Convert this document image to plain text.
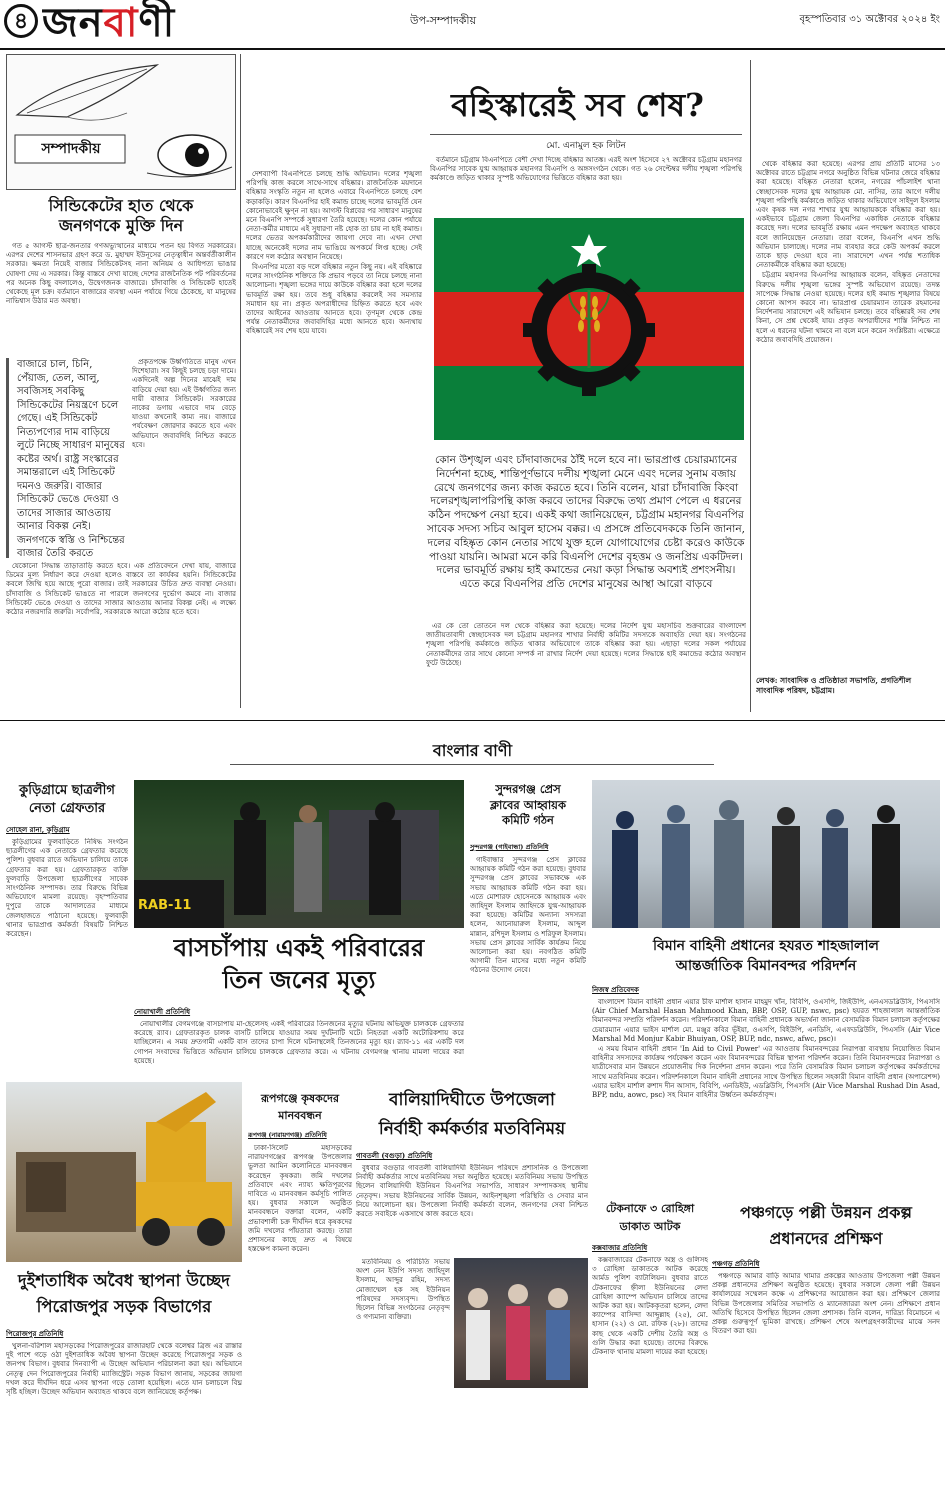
৪ জনবাণী	উপ-সম্পাদকীয়	বৃহস্পতিবার ৩১ অক্টোবর ২০২৪ ইং
সম্পাদকীয়
সিন্ডিকেটের হাত থেকে
জনগণকে মুক্তি দিন

গত ৫ আগস্ট ছাত্র-জনতার গণঅভ্যুত্থানের মাধ্যমে পতন হয় বিগত সরকারের। এরপর দেশের শাসনভার গ্রহণ করে ড. মুহাম্মদ ইউনূসের নেতৃত্বাধীন অন্তর্বর্তীকালীন সরকার। ক্ষমতা নিয়েই বাজার সিন্ডিকেটসহ নানা অনিয়ম ও আধিপত্য ভাঙার ঘোষণা দেয় এ সরকার। কিন্তু বাস্তবে দেখা যাচ্ছে দেশের রাজনৈতিক পট পরিবর্তনের পর অনেক কিছু বদলালেও, উদ্বেগজনক বাজারে। চাঁদাবাজি ও সিন্ডিকেট হাতেই থেকেছে মূল চক্র। বর্তমানে বাজারের ব্যবস্থা এমন পর্যায়ে গিয়ে ঠেকেছে, যা মানুষের নাভিশ্বাস উঠার মত অবস্থা।

বাজারে চাল, চিনি, পেঁয়াজ, তেল, আলু, সবজিসহ সবকিছু সিন্ডিকেটের নিয়ন্ত্রণে চলে গেছে। এই সিন্ডিকেট নিত্যপণ্যের দাম বাড়িয়ে লুটে নিচ্ছে সাধারণ মানুষের কষ্টের অর্থ। রাষ্ট্র সংস্কারের সমান্তরালে এই সিন্ডিকেট দমনও জরুরি। বাজার সিন্ডিকেট ভেঙে দেওয়া ও তাদের সাজার আওতায় আনার বিকল্প নেই। জনগণকে স্বস্তি ও নিশ্চিন্তের বাজার তৈরি করতে

প্রকৃতপক্ষে উর্ধ্বগতিতে মানুষ এখন দিশেহারা। সব কিছুই চলছে চড়া দামে। একদিনেই অল্প দিনের মাঝেই দাম বাড়িয়ে দেয়া হয়। এই উর্ধ্বগতির জন্য দায়ী বাজার সিন্ডিকেট। সরকারের নাকের ডগায় এভাবে দাম বেড়ে যাওয়া কখনোই কাম্য নয়। বাজারে পর্যবেক্ষণ জোরদার করতে হবে এবং অভিযানে জবাবদিহি নিশ্চিত করতে হবে।

যেকোনো সিদ্ধান্ত তাড়াতাড়ি করতে হবে। এক প্রতিবেদনে দেখা যায়, বাজারে ডিমের মূল্য নির্ধারণ করে দেওয়া হলেও বাস্তবে তা কার্যকর হয়নি। সিন্ডিকেটের কবলে জিম্মি হয়ে আছে পুরো বাজার। তাই সরকারের উচিত দ্রুত ব্যবস্থা নেওয়া। চাঁদাবাজি ও সিন্ডিকেট ভাঙতে না পারলে জনগণের দুর্ভোগ কমবে না। বাজার সিন্ডিকেট ভেঙে দেওয়া ও তাদের সাজার আওতায় আনার বিকল্প নেই। এ লক্ষ্যে কঠোর নজরদারি জরুরি। সর্বোপরি, সরকারকে আরো কঠোর হতে হবে।

বহিস্কারেই সব শেষ?
মো. এনামুল হক লিটন

বর্তমানে চট্টগ্রাম বিএনপিতে বেশী দেখা দিচ্ছে বহিষ্কার আতঙ্ক। এরই অংশ হিসেবে ২৭ অক্টোবর চট্টগ্রাম মহানগর বিএনপির সাবেক যুগ্ম আহ্বায়ক মহানগর বিএনপি ও অঙ্গসংগঠন থেকে। গত ২৬ সেপ্টেম্বর দলীয় শৃঙ্খলা পরিপন্থি কর্মকাণ্ডে জড়িত থাকার সুস্পষ্ট অভিযোগের ভিত্তিতে বহিষ্কার করা হয়।

দেশব্যাপী বিএনপিতে চলছে শুদ্ধি অভিযান। দলের শৃঙ্খলা পরিপন্থি কাজ করলে সাথে-সাথে বহিষ্কার। রাজনৈতিক ময়দানে বহিষ্কার সংস্কৃতি নতুন না হলেও এবারে বিএনপিতে চলছে বেশ কড়াকড়ি। কারণ বিএনপির হাই কমান্ড চাচ্ছে দলের ভাবমূর্তি যেন কোনোভাবেই ক্ষুণ্ন না হয়। আগস্ট বিপ্লবের পর সাধারণ মানুষের মনে বিএনপি সম্পর্কে সুধারণা তৈরি হয়েছে। দলের কোন পর্যায়ে নেতা-কর্মীর মাধ্যমে এই সুধারণা নষ্ট হোক তা চায় না হাই কমান্ড। দলের ভেতর অপকর্মকারীদের জায়গা দেবে না। এখন দেখা যাচ্ছে অনেকেই দলের নাম ভাঙিয়ে অপকর্মে লিপ্ত হচ্ছে। সেই কারণে দল কঠোর অবস্থান নিয়েছে।

বিএনপির মতো বড় দলে বহিষ্কার নতুন কিছু নয়। এই বহিষ্কারে দলের সাংগঠনিক শক্তিতে কি প্রভাব পড়বে তা নিয়ে চলছে নানা আলোচনা। শৃঙ্খলা ভঙ্গের দায়ে কাউকে বহিষ্কার করা হলে দলের ভাবমূর্তি রক্ষা হয়। তবে শুধু বহিষ্কার করলেই সব সমস্যার সমাধান হয় না। প্রকৃত অপরাধীদের চিহ্নিত করতে হবে এবং তাদের আইনের আওতায় আনতে হবে। তৃণমূল থেকে কেন্দ্র পর্যন্ত নেতাকর্মীদের জবাবদিহির মধ্যে আনতে হবে। অন্যথায় বহিষ্কারেই সব শেষ হয়ে যাবে।

কোন উশৃঙ্খল এবং চাঁদাবাজদের ঠাঁই দলে হবে না। ভারপ্রাপ্ত চেয়ারম্যানের নির্দেশনা হচ্ছে, শান্তিপূর্ণভাবে দলীয় শৃঙ্খলা মেনে এবং দলের সুনাম বজায় রেখে জনগণের জন্য কাজ করতে হবে। তিনি বলেন, যারা চাঁদাবাজি কিংবা দলেরশৃঙ্খলাপরিপন্থি কাজ করবে তাদের বিরুদ্ধে তথ্য প্রমাণ পেলে এ ধরনের কঠিন পদক্ষেপ নেয়া হবে। একই কথা জানিয়েছেন, চট্টগ্রাম মহানগর বিএনপির সাবেক সদস্য সচিব আবুল হাসেম বক্কর। এ প্রসঙ্গে প্রতিবেদককে তিনি জানান, দলের বহিষ্কৃত কোন নেতার সাথে যুক্ত হলে যোগাযোগের চেষ্টা করেও কাউকে পাওয়া যায়নি। আমরা মনে করি বিএনপি দেশের বৃহত্তম ও জনপ্রিয় একটিদল। দলের ভাবমূর্তি রক্ষায় হাই কমান্ডের নেয়া কড়া সিদ্ধান্ত অবশ্যই প্রশংসনীয়। এতে করে বিএনপির প্রতি দেশের মানুষের আস্থা আরো বাড়বে

এর কে তো তোতনে দল থেকে বহিষ্কার করা হয়েছে। দলের নির্দেশ যুগ্ম মহাসচিব শুক্রবারের বাংলাদেশ জাতীয়তাবাদী স্বেচ্ছাসেবক দল চট্টগ্রাম মহানগর শাখার নির্বাহী কমিটির সদস্যকে অব্যাহতি দেয়া হয়। সংগঠনের শৃঙ্খলা পরিপন্থি কর্মকাণ্ডে জড়িত থাকার অভিযোগে তাকে বহিষ্কার করা হয়। এছাড়া দলের সকল পর্যায়ের নেতাকর্মীদের তার সাথে কোনো সম্পর্ক না রাখার নির্দেশ দেয়া হয়েছে। দলের সিদ্ধান্তে হাই কমান্ডের কঠোর অবস্থান ফুটে উঠেছে।

থেকে বহিষ্কার করা হয়েছে। এরপর প্রায় প্রতিটি মাসের ১৩ অক্টোবর রাতে চট্টগ্রাম নগরে অনুষ্ঠিত বিভিন্ন ঘটনার জেরে বহিষ্কার করা হয়েছে। বহিষ্কৃত নেতারা হলেন, নগরের পাঁচলাইশ থানা স্বেচ্ছাসেবক দলের যুগ্ম আহ্বায়ক মো. নাসির, তার আগে দলীয় শৃঙ্খলা পরিপন্থি কর্মকাণ্ডে জড়িত থাকার অভিযোগে সাইদুল ইসলাম এবং কৃষক দল নগর শাখার যুগ্ম আহ্বায়ককে বহিষ্কার করা হয়। একইভাবে চট্টগ্রাম জেলা বিএনপির একাধিক নেতাকে বহিষ্কার করেছে দল। দলের ভাবমূর্তি রক্ষায় এমন পদক্ষেপ অব্যাহত থাকবে বলে জানিয়েছেন নেতারা। তারা বলেন, বিএনপি এখন শুদ্ধি অভিযান চালাচ্ছে। দলের নাম ব্যবহার করে কেউ অপকর্ম করলে তাকে ছাড় দেওয়া হবে না। সারাদেশে এখন পর্যন্ত শতাধিক নেতাকর্মীকে বহিষ্কার করা হয়েছে।

চট্টগ্রাম মহানগর বিএনপির আহ্বায়ক বলেন, বহিষ্কৃত নেতাদের বিরুদ্ধে দলীয় শৃঙ্খলা ভঙ্গের সুস্পষ্ট অভিযোগ রয়েছে। তদন্ত সাপেক্ষে সিদ্ধান্ত নেওয়া হয়েছে। দলের হাই কমান্ড শৃঙ্খলার বিষয়ে কোনো আপস করবে না। ভারপ্রাপ্ত চেয়ারম্যান তারেক রহমানের নির্দেশনায় সারাদেশে এই অভিযান চলছে। তবে বহিষ্কারই সব শেষ কিনা, সে প্রশ্ন থেকেই যায়। প্রকৃত অপরাধীদের শাস্তি নিশ্চিত না হলে এ ধরনের ঘটনা থামবে না বলে মনে করেন সংশ্লিষ্টরা। এক্ষেত্রে কঠোর জবাবদিহি প্রয়োজন।

লেখক: সাংবাদিক ও প্রতিষ্ঠাতা সভাপতি, প্রগতিশীল সাংবাদিক পরিষদ, চট্টগ্রাম।
বাংলার বাণী
কুড়িগ্রামে ছাত্রলীগ
নেতা গ্রেফতার
সোহেল রানা, কুড়িগ্রাম

কুড়িগ্রামের ফুলবাড়িতে নিষিদ্ধ সংগঠন ছাত্রলীগের এক নেতাকে গ্রেফতার করেছে পুলিশ। বুধবার রাতে অভিযান চালিয়ে তাকে গ্রেফতার করা হয়। গ্রেফতারকৃত ব্যক্তি ফুলবাড়ি উপজেলা ছাত্রলীগের সাবেক সাংগঠনিক সম্পাদক। তার বিরুদ্ধে বিভিন্ন অভিযোগে মামলা রয়েছে। বৃহস্পতিবার দুপুরে তাকে আদালতের মাধ্যমে জেলহাজতে পাঠানো হয়েছে। ফুলবাড়ী থানার ভারপ্রাপ্ত কর্মকর্তা বিষয়টি নিশ্চিত করেছেন।

RAB-11
বাসচাঁপায় একই পরিবারের
তিন জনের মৃত্যু
নোয়াখালী প্রতিনিধি

নোয়াখালীর বেগমগঞ্জে বাসচাপায় মা-ছেলেসহ একই পরিবারের তিনজনের মৃত্যুর ঘটনায় অভিযুক্ত চালককে গ্রেফতার করেছে র‍্যাব। গ্রেফতারকৃত চালক বাসটি চালিয়ে যাওয়ার সময় দুর্ঘটনাটি ঘটে। নিহতরা একটি অটোরিকশায় করে যাচ্ছিলেন। এ সময় দ্রুতগামী একটি বাস তাদের চাপা দিলে ঘটনাস্থলেই তিনজনের মৃত্যু হয়। র‍্যাব-১১ এর একটি দল গোপন সংবাদের ভিত্তিতে অভিযান চালিয়ে চালককে গ্রেফতার করে। এ ঘটনায় বেগমগঞ্জ থানায় মামলা দায়ের করা হয়েছে।

সুন্দরগঞ্জ প্রেস
ক্লাবের আহ্বায়ক
কমিটি গঠন
সুন্দরগঞ্জ (গাইবান্ধা) প্রতিনিধি

গাইবান্ধার সুন্দরগঞ্জ প্রেস ক্লাবের আহ্বায়ক কমিটি গঠন করা হয়েছে। বুধবার সুন্দরগঞ্জ প্রেস ক্লাবের সভাকক্ষে এক সভায় আহ্বায়ক কমিটি গঠন করা হয়। এতে মোশারফ হোসেনকে আহ্বায়ক এবং জাহিদুল ইসলাম জাহিদকে যুগ্ম-আহ্বায়ক করা হয়েছে। কমিটির অন্যান্য সদস্যরা হলেন, আনোয়ারুল ইসলাম, আব্দুল মান্নান, রশিদুল ইসলাম ও শরিফুল ইসলাম। সভায় প্রেস ক্লাবের সার্বিক কার্যক্রম নিয়ে আলোচনা করা হয়। নবগঠিত কমিটি আগামী তিন মাসের মধ্যে নতুন কমিটি গঠনের উদ্যোগ নেবে।

বিমান বাহিনী প্রধানের হযরত শাহজালাল
আন্তর্জাতিক বিমানবন্দর পরিদর্শন
নিজস্ব প্রতিবেদক

বাংলাদেশ বিমান বাহিনী প্রধান এয়ার চীফ মার্শাল হাসান মাহমুদ খাঁন, বিবিপি, ওএসপি, জিইউপি, এনএসডব্লিউসি, পিএসসি (Air Chief Marshal Hasan Mahmood Khan, BBP, OSP, GUP, nswc, psc) হযরত শাহজালাল আন্তর্জাতিক বিমানবন্দর সম্প্রতি পরিদর্শন করেন। পরিদর্শনকালে বিমান বাহিনী প্রধানকে অভ্যর্থনা জানান বেসামরিক বিমান চলাচল কর্তৃপক্ষের চেয়ারম্যান এয়ার ভাইস মার্শাল মো. মঞ্জুর কবির ভূঁইয়া, ওএসপি, বিইউপি, এনডিসি, এএফডব্লিউসি, পিএসসি (Air Vice Marshal Md Monjur Kabir Bhuiyan, OSP, BUP, ndc, nswc, afwc, psc)।

এ সময় বিমান বাহিনী প্রধান 'In Aid to Civil Power' এর আওতায় বিমানবন্দরের নিরাপত্তা ব্যবস্থায় নিয়োজিত বিমান বাহিনীর সদস্যদের কার্যক্রম পর্যবেক্ষণ করেন এবং বিমানবন্দরের বিভিন্ন স্থাপনা পরিদর্শন করেন। তিনি বিমানবন্দরের নিরাপত্তা ও যাত্রীসেবার মান উন্নয়নে প্রয়োজনীয় দিক নির্দেশনা প্রদান করেন। পরে তিনি বেসামরিক বিমান চলাচল কর্তৃপক্ষের কর্মকর্তাদের সাথে মতবিনিময় করেন। পরিদর্শনকালে বিমান বাহিনী প্রধানের সাথে উপস্থিত ছিলেন সহকারী বিমান বাহিনী প্রধান (অপারেশন্স) এয়ার ভাইস মার্শাল রুশাদ দীন আসাদ, বিবিপি, এনডিইউ, এডব্লিউসি, পিএসসি (Air Vice Marshal Rushad Din Asad, BPP, ndu, aowc, psc) সহ বিমান বাহিনীর উর্ধ্বতন কর্মকর্তাবৃন্দ।

দুইশতাধিক অবৈধ স্থাপনা উচ্ছেদ
পিরোজপুর সড়ক বিভাগের
পিরোজপুর প্রতিনিধি

খুলনা-বরিশাল মহাসড়কের পিরোজপুরের রাজারহাট থেকে বলেশ্বর ব্রিজ এর রাস্তার দুই পাশে গড়ে ওঠা দুইশতাধিক অবৈধ স্থাপনা উচ্ছেদ করেছে পিরোজপুর সড়ক ও জনপথ বিভাগ। বুধবার দিনব্যাপী এ উচ্ছেদ অভিযান পরিচালনা করা হয়। অভিযানে নেতৃত্ব দেন পিরোজপুরের নির্বাহী ম্যাজিস্ট্রেট। সড়ক বিভাগ জানায়, সড়কের জায়গা দখল করে দীর্ঘদিন ধরে এসব স্থাপনা গড়ে তোলা হয়েছিল। এতে যান চলাচলে বিঘ্ন সৃষ্টি হচ্ছিল। উচ্ছেদ অভিযান অব্যাহত থাকবে বলে জানিয়েছে কর্তৃপক্ষ।

রূপগঞ্জে কৃষকদের
মানববন্ধন
রূপগঞ্জ (নারায়ণগঞ্জ) প্রতিনিধি

ঢাকা-সিলেট মহাসড়কের নারায়ণগঞ্জের রূপগঞ্জ উপজেলার ভুলতা আমিন কলোনিতে মানববন্ধন করেছেন কৃষকরা। জমি দখলের প্রতিবাদে এবং ন্যায্য ক্ষতিপূরণের দাবিতে এ মানববন্ধন কর্মসূচি পালিত হয়। বুধবার সকালে অনুষ্ঠিত মানববন্ধনে বক্তারা বলেন, একটি প্রভাবশালী চক্র দীর্ঘদিন ধরে কৃষকদের জমি দখলের পাঁয়তারা করছে। তারা প্রশাসনের কাছে দ্রুত এ বিষয়ে হস্তক্ষেপ কামনা করেন।

বালিয়াদিঘীতে উপজেলা
নির্বাহী কর্মকর্তার মতবিনিময়
গাবতলী (বগুড়া) প্রতিনিধি

বুধবার বগুড়ার গাবতলী বালিয়াদিঘী ইউনিয়ন পরিষদে প্রশাসনিক ও উপজেলা নির্বাহী কর্মকর্তার সাথে মতবিনিময় সভা অনুষ্ঠিত হয়েছে। মতবিনিময় সভায় উপস্থিত ছিলেন বালিয়াদিঘী ইউনিয়ন বিএনপির সভাপতি, সাধারণ সম্পাদকসহ স্থানীয় নেতৃবৃন্দ। সভায় ইউনিয়নের সার্বিক উন্নয়ন, আইনশৃঙ্খলা পরিস্থিতি ও সেবার মান নিয়ে আলোচনা হয়। উপজেলা নির্বাহী কর্মকর্তা বলেন, জনগণের সেবা নিশ্চিত করতে সবাইকে একসাথে কাজ করতে হবে।

মতবিনিময় ও পরিচিতি সভায় অংশ নেন ইউপি সদস্য জাহিদুল ইসলাম, আব্দুর রহিম, সদস্য মোজাম্মেল হক সহ ইউনিয়ন পরিষদের সদস্যবৃন্দ। উপস্থিত ছিলেন বিভিন্ন সংগঠনের নেতৃবৃন্দ ও গণ্যমান্য ব্যক্তিরা।

টেকনাফে ৩ রোহিঙ্গা
ডাকাত আটক
কক্সবাজার প্রতিনিধি

কক্সবাজারের টেকনাফে অস্ত্র ও গুলিসহ ৩ রোহিঙ্গা ডাকাতকে আটক করেছে আর্মড পুলিশ ব্যাটালিয়ন। বুধবার রাতে টেকনাফের হ্নীলা ইউনিয়নের লেদা রোহিঙ্গা ক্যাম্পে অভিযান চালিয়ে তাদের আটক করা হয়। আটককৃতরা হলেন, লেদা ক্যাম্পের বাসিন্দা আব্দুল্লাহ (২৫), মো. হাসান (২২) ও মো. রফিক (২৮)। তাদের কাছ থেকে একটি দেশীয় তৈরি অস্ত্র ও গুলি উদ্ধার করা হয়েছে। তাদের বিরুদ্ধে টেকনাফ থানায় মামলা দায়ের করা হয়েছে।

পঞ্চগড়ে পল্লী উন্নয়ন প্রকল্প
প্রধানদের প্রশিক্ষণ
পঞ্চগড় প্রতিনিধি

পঞ্চগড়ে আমার বাড়ি আমার খামার প্রকল্পের আওতায় উপজেলা পল্লী উন্নয়ন প্রকল্প প্রধানদের প্রশিক্ষণ অনুষ্ঠিত হয়েছে। বুধবার সকালে জেলা পল্লী উন্নয়ন কার্যালয়ের সম্মেলন কক্ষে এ প্রশিক্ষণের আয়োজন করা হয়। প্রশিক্ষণে জেলার বিভিন্ন উপজেলার সমিতির সভাপতি ও ম্যানেজাররা অংশ নেন। প্রশিক্ষণে প্রধান অতিথি হিসেবে উপস্থিত ছিলেন জেলা প্রশাসক। তিনি বলেন, দারিদ্র্য বিমোচনে এ প্রকল্প গুরুত্বপূর্ণ ভূমিকা রাখছে। প্রশিক্ষণ শেষে অংশগ্রহণকারীদের মাঝে সনদ বিতরণ করা হয়।
